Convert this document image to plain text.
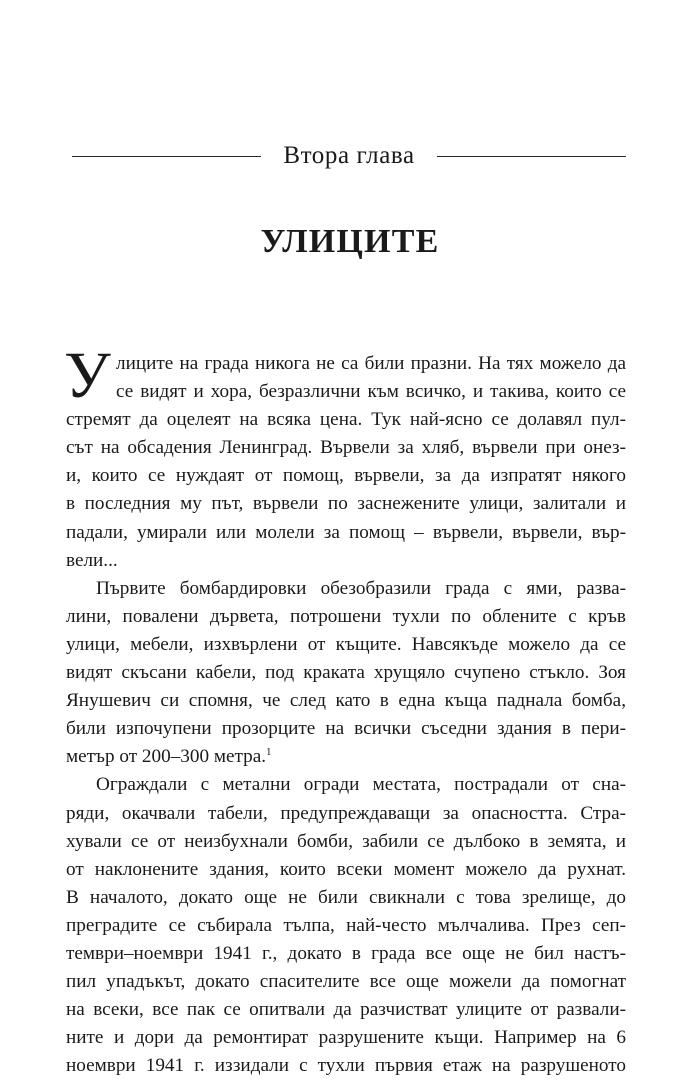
Втора глава
УЛИЦИТЕ
У лиците на града никога не са били празни. На тях можело да
се видят и хора, безразлични към всичко, и такива, които се
стремят да оцелеят на всяка цена. Тук най-ясно се долавял пул-
сът на обсадения Ленинград. Вървели за хляб, вървели при онез-
и, които се нуждаят от помощ, вървели, за да изпратят някого
в последния му път, вървели по заснежените улици, залитали и
падали, умирали или молели за помощ – вървели, вървели, вър-
вели...
Първите бомбардировки обезобразили града с ями, разва-
лини, повалени дървета, потрошени тухли по облените с кръв
улици, мебели, изхвърлени от къщите. Навсякъде можело да се
видят скъсани кабели, под краката хрущяло счупено стъкло. Зоя
Янушевич си спомня, че след като в една къща паднала бомба,
били изпочупени прозорците на всички съседни здания в пери-
метър от 200–300 метра.$^1$
Ограждали с метални огради местата, пострадали от сна-
ряди, окачвали табели, предупреждаващи за опасността. Стра-
хували се от неизбухнали бомби, забили се дълбоко в земята, и
от наклонените здания, които всеки момент можело да рухнат.
В началото, докато още не били свикнали с това зрелище, до
преградите се събирала тълпа, най-често мълчалива. През сеп-
тември–ноември 1941 г., докато в града все още не бил настъ-
пил упадъкът, докато спасителите все още можели да помогнат
на всеки, все пак се опитвали да разчистват улиците от развали-
ните и дори да ремонтират разрушените къщи. Например на 6
ноември 1941 г. иззидали с тухли първия етаж на разрушеното
